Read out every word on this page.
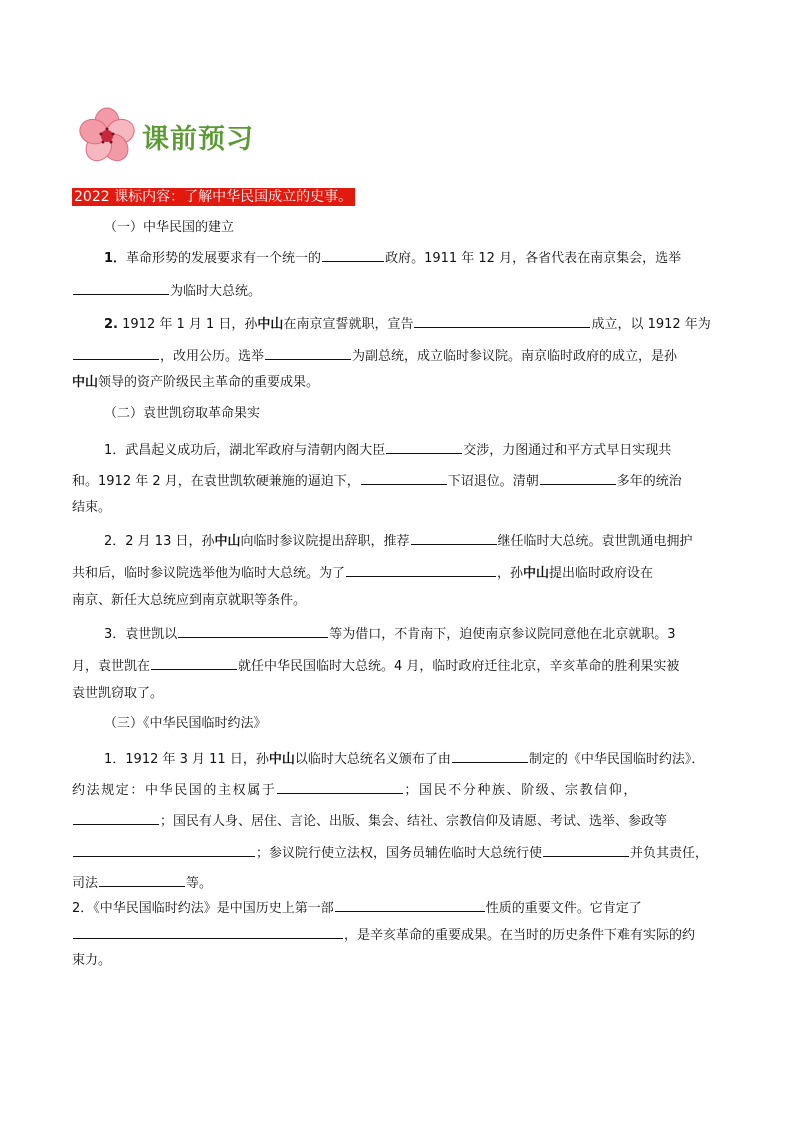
课前预习
2022 课标内容：了解中华民国成立的史事。
（一）中华民国的建立
1．革命形势的发展要求有一个统一的	政府。1911 年 12 月，各省代表在南京集会，选举
为临时大总统。
2. 1912 年 1 月 1 日，孙中山在南京宣誓就职，宣告	成立，以 1912 年为
，改用公历。选举	为副总统，成立临时参议院。南京临时政府的成立，是孙
中山领导的资产阶级民主革命的重要成果。
（二）袁世凯窃取革命果实
1．武昌起义成功后，湖北军政府与清朝内阁大臣	交涉，力图通过和平方式早日实现共
和。1912 年 2 月，在袁世凯软硬兼施的逼迫下，	下诏退位。清朝	多年的统治
结束。
2．2 月 13 日，孙中山向临时参议院提出辞职，推荐	继任临时大总统。袁世凯通电拥护
共和后，临时参议院选举他为临时大总统。为了	，孙中山提出临时政府设在
南京、新任大总统应到南京就职等条件。
3．袁世凯以	等为借口，不肯南下，迫使南京参议院同意他在北京就职。3
月，袁世凯在	就任中华民国临时大总统。4 月，临时政府迁往北京，辛亥革命的胜利果实被
袁世凯窃取了。
（三）《中华民国临时约法》
1．1912 年 3 月 11 日，孙中山以临时大总统名义颁布了由	制定的《中华民国临时约法》．
约法规定：中华民国的主权属于	；国民不分种族、阶级、宗教信仰，
；国民有人身、居住、言论、出版、集会、结社、宗教信仰及请愿、考试、选举、参政等
；参议院行使立法权，国务员辅佐临时大总统行使	并负其责任，
司法	等。
2．《中华民国临时约法》是中国历史上第一部	性质的重要文件。它肯定了
，是辛亥革命的重要成果。在当时的历史条件下难有实际的约
束力。
